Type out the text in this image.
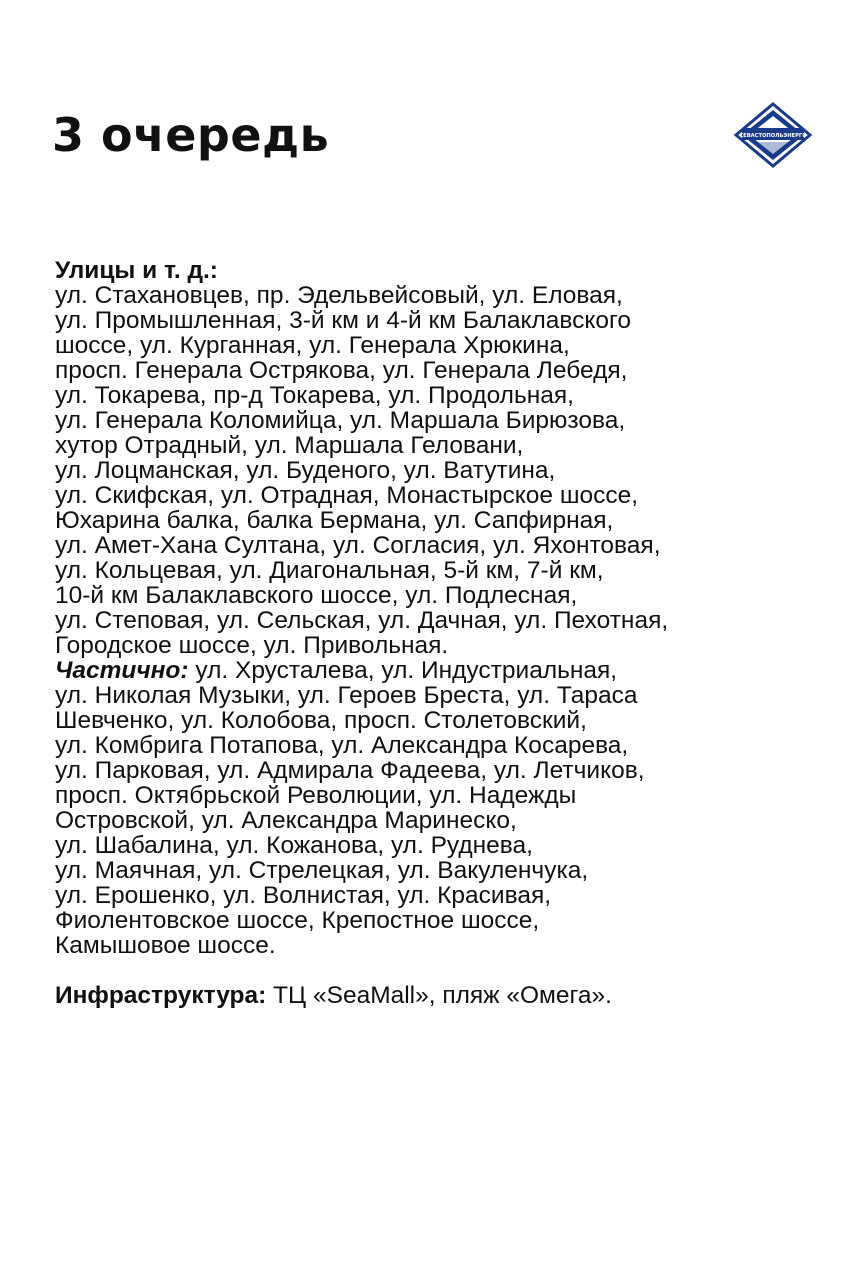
3 очередь	СЕВАСТОПОЛЬЭНЕРГО
Улицы и т. д.:
ул. Стахановцев, пр. Эдельвейсовый, ул. Еловая,
ул. Промышленная, 3-й км и 4-й км Балаклавского
шоссе, ул. Курганная, ул. Генерала Хрюкина,
просп. Генерала Острякова, ул. Генерала Лебедя,
ул. Токарева, пр-д Токарева, ул. Продольная,
ул. Генерала Коломийца, ул. Маршала Бирюзова,
хутор Отрадный, ул. Маршала Геловани,
ул. Лоцманская, ул. Буденого, ул. Ватутина,
ул. Скифская, ул. Отрадная, Монастырское шоссе,
Юхарина балка, балка Бермана, ул. Сапфирная,
ул. Амет-Хана Султана, ул. Согласия, ул. Яхонтовая,
ул. Кольцевая, ул. Диагональная, 5-й км, 7-й км,
10-й км Балаклавского шоссе, ул. Подлесная,
ул. Степовая, ул. Сельская, ул. Дачная, ул. Пехотная,
Городское шоссе, ул. Привольная.
Частично: ул. Хрусталева, ул. Индустриальная,
ул. Николая Музыки, ул. Героев Бреста, ул. Тараса
Шевченко, ул. Колобова, просп. Столетовский,
ул. Комбрига Потапова, ул. Александра Косарева,
ул. Парковая, ул. Адмирала Фадеева, ул. Летчиков,
просп. Октябрьской Революции, ул. Надежды
Островской, ул. Александра Маринеско,
ул. Шабалина, ул. Кожанова, ул. Руднева,
ул. Маячная, ул. Стрелецкая, ул. Вакуленчука,
ул. Ерошенко, ул. Волнистая, ул. Красивая,
Фиолентовское шоссе, Крепостное шоссе,
Камышовое шоссе.
Инфраструктура: ТЦ «SeaMall», пляж «Омега».
